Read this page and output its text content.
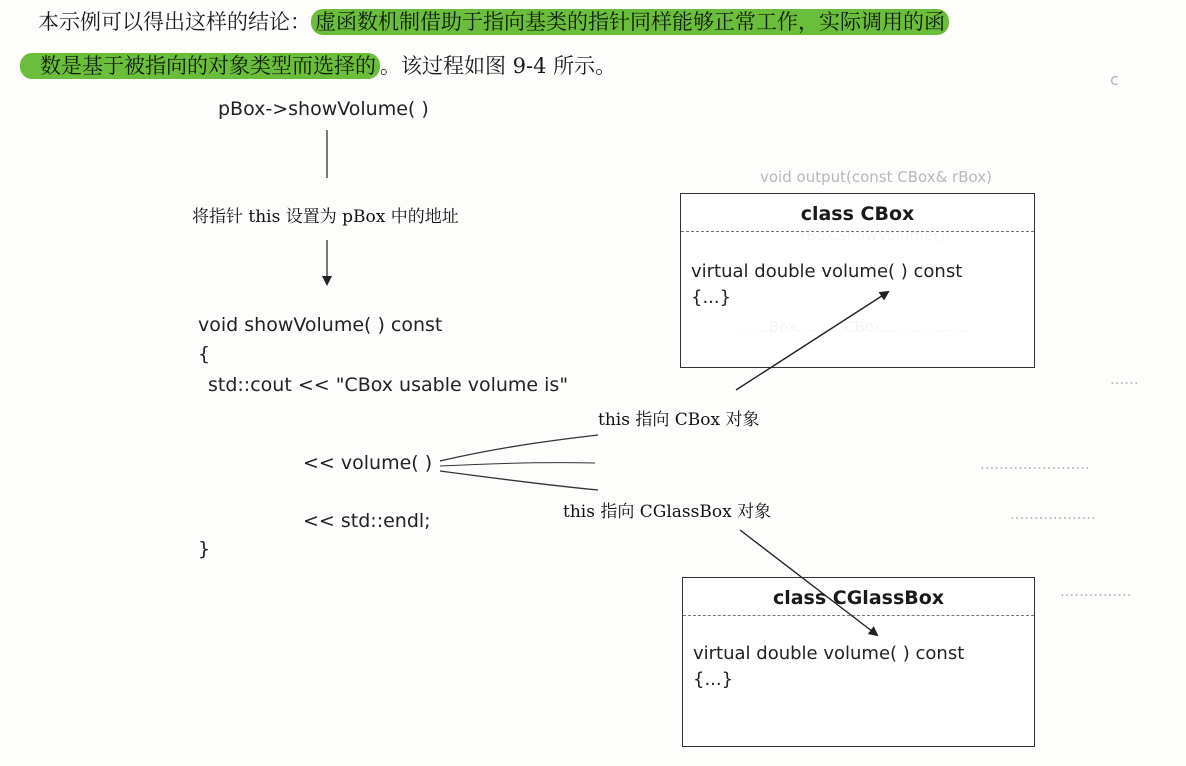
c
void output(const CBox& rBox)
......
.......................
..................
...............
本示例可以得出这样的结论： 虚函数机制借助于指向基类的指针同样能够正常工作，实际调用的函
数是基于被指向的对象类型而选择的 。该过程如图 9-4 所示。
pBox->showVolume( )
将指针 this 设置为 pBox 中的地址
void showVolume( ) const
{
std::cout << "CBox usable volume is"
<< volume( )
<< std::endl;
}
this 指向 CBox 对象
this 指向 CGlassBox 对象
class CBox
virtual double volume( ) const
{...}
class CGlassBox
virtual double volume( ) const
{...}
